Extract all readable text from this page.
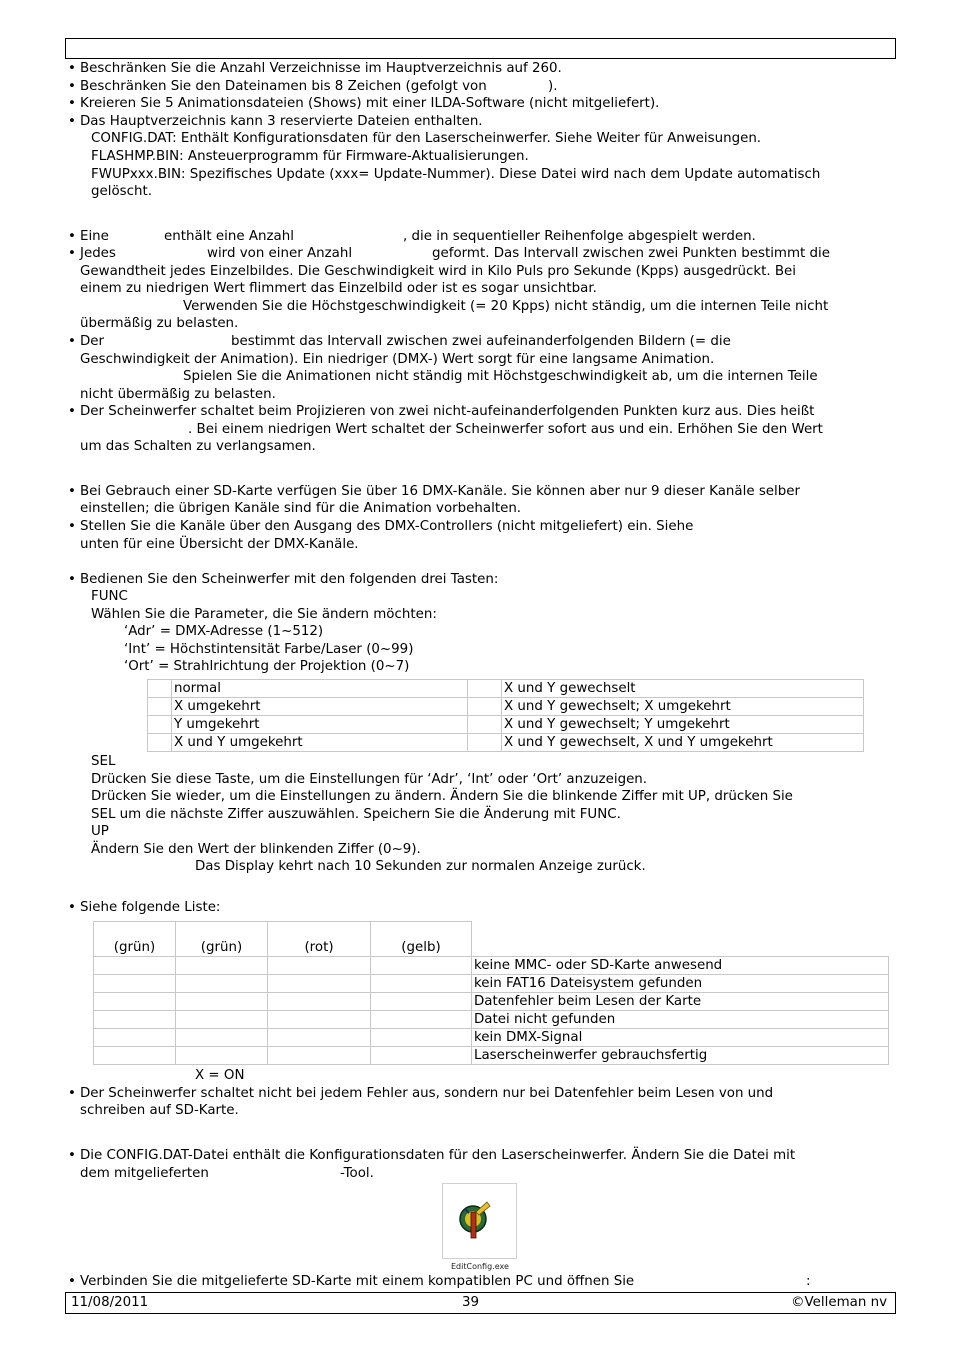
• Beschränken Sie die Anzahl Verzeichnisse im Hauptverzeichnis auf 260.
• Beschränken Sie den Dateinamen bis 8 Zeichen (gefolgt von	).
• Kreieren Sie 5 Animationsdateien (Shows) mit einer ILDA-Software (nicht mitgeliefert).
• Das Hauptverzeichnis kann 3 reservierte Dateien enthalten.
CONFIG.DAT: Enthält Konfigurationsdaten für den Laserscheinwerfer. Siehe Weiter für Anweisungen.
FLASHMP.BIN: Ansteuerprogramm für Firmware-Aktualisierungen.
FWUPxxx.BIN: Spezifisches Update (xxx= Update-Nummer). Diese Datei wird nach dem Update automatisch
gelöscht.
• Eine	enthält eine Anzahl	, die in sequentieller Reihenfolge abgespielt werden.
• Jedes	wird von einer Anzahl	geformt. Das Intervall zwischen zwei Punkten bestimmt die
Gewandtheit jedes Einzelbildes. Die Geschwindigkeit wird in Kilo Puls pro Sekunde (Kpps) ausgedrückt. Bei
einem zu niedrigen Wert flimmert das Einzelbild oder ist es sogar unsichtbar.
Verwenden Sie die Höchstgeschwindigkeit (= 20 Kpps) nicht ständig, um die internen Teile nicht
übermäßig zu belasten.
• Der	bestimmt das Intervall zwischen zwei aufeinanderfolgenden Bildern (= die
Geschwindigkeit der Animation). Ein niedriger (DMX-) Wert sorgt für eine langsame Animation.
Spielen Sie die Animationen nicht ständig mit Höchstgeschwindigkeit ab, um die internen Teile
nicht übermäßig zu belasten.
• Der Scheinwerfer schaltet beim Projizieren von zwei nicht-aufeinanderfolgenden Punkten kurz aus. Dies heißt
. Bei einem niedrigen Wert schaltet der Scheinwerfer sofort aus und ein. Erhöhen Sie den Wert
um das Schalten zu verlangsamen.
• Bei Gebrauch einer SD-Karte verfügen Sie über 16 DMX-Kanäle. Sie können aber nur 9 dieser Kanäle selber
einstellen; die übrigen Kanäle sind für die Animation vorbehalten.
• Stellen Sie die Kanäle über den Ausgang des DMX-Controllers (nicht mitgeliefert) ein. Siehe
unten für eine Übersicht der DMX-Kanäle.
• Bedienen Sie den Scheinwerfer mit den folgenden drei Tasten:
FUNC
Wählen Sie die Parameter, die Sie ändern möchten:
‘Adr’ = DMX-Adresse (1~512)
‘Int’ = Höchstintensität Farbe/Laser (0~99)
‘Ort’ = Strahlrichtung der Projektion (0~7)
	normal		X und Y gewechselt
	X umgekehrt		X und Y gewechselt; X umgekehrt
	Y umgekehrt		X und Y gewechselt; Y umgekehrt
	X und Y umgekehrt		X und Y gewechselt, X und Y umgekehrt
SEL
Drücken Sie diese Taste, um die Einstellungen für ‘Adr’, ‘Int’ oder ‘Ort’ anzuzeigen.
Drücken Sie wieder, um die Einstellungen zu ändern. Ändern Sie die blinkende Ziffer mit UP, drücken Sie
SEL um die nächste Ziffer auszuwählen. Speichern Sie die Änderung mit FUNC.
UP
Ändern Sie den Wert der blinkenden Ziffer (0~9).
Das Display kehrt nach 10 Sekunden zur normalen Anzeige zurück.
• Siehe folgende Liste:
(grün)	(grün)	(rot)	(gelb)	
				keine MMC- oder SD-Karte anwesend
				kein FAT16 Dateisystem gefunden
				Datenfehler beim Lesen der Karte
				Datei nicht gefunden
				kein DMX-Signal
				Laserscheinwerfer gebrauchsfertig
X = ON
• Der Scheinwerfer schaltet nicht bei jedem Fehler aus, sondern nur bei Datenfehler beim Lesen von und
schreiben auf SD-Karte.
• Die CONFIG.DAT-Datei enthält die Konfigurationsdaten für den Laserscheinwerfer. Ändern Sie die Datei mit
dem mitgelieferten	-Tool.
EditConfig.exe
• Verbinden Sie die mitgelieferte SD-Karte mit einem kompatiblen PC und öffnen Sie	:
11/08/2011	39	©Velleman nv
